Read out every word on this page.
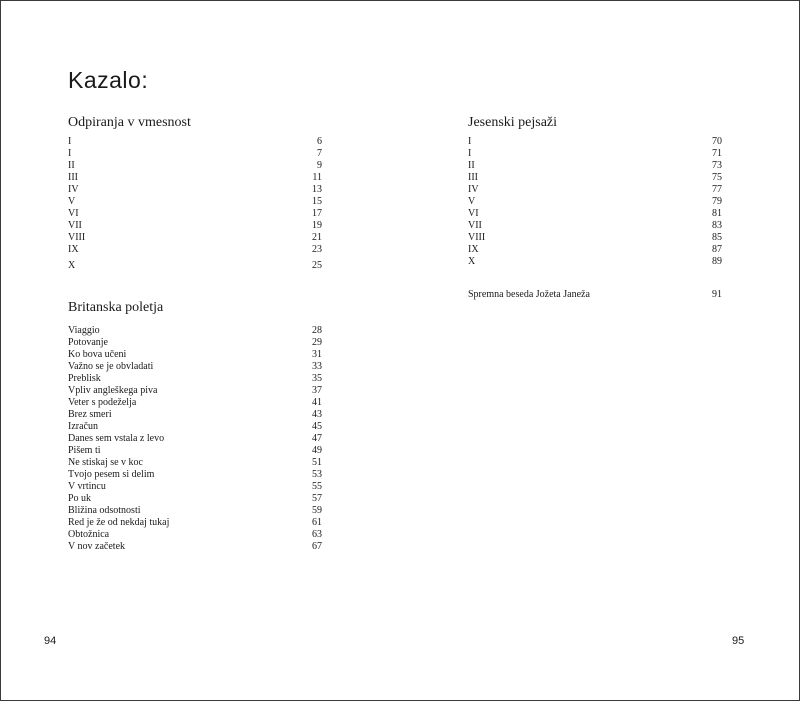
Kazalo:
Odpiranja v vmesnost
I	6
I	7
II	9
III	11
IV	13
V	15
VI	17
VII	19
VIII	21
IX	23
X	25
Britanska poletja
Viaggio	28
Potovanje	29
Ko bova učeni	31
Važno se je obvladati	33
Preblisk	35
Vpliv angleškega piva	37
Veter s podeželja	41
Brez smeri	43
Izračun	45
Danes sem vstala z levo	47
Pišem ti	49
Ne stiskaj se v koc	51
Tvojo pesem si delim	53
V vrtincu	55
Po uk	57
Bližina odsotnosti	59
Red je že od nekdaj tukaj	61
Obtožnica	63
V nov začetek	67
Jesenski pejsaži
I	70
I	71
II	73
III	75
IV	77
V	79
VI	81
VII	83
VIII	85
IX	87
X	89
Spremna beseda Jožeta Janeža	91
94	95
